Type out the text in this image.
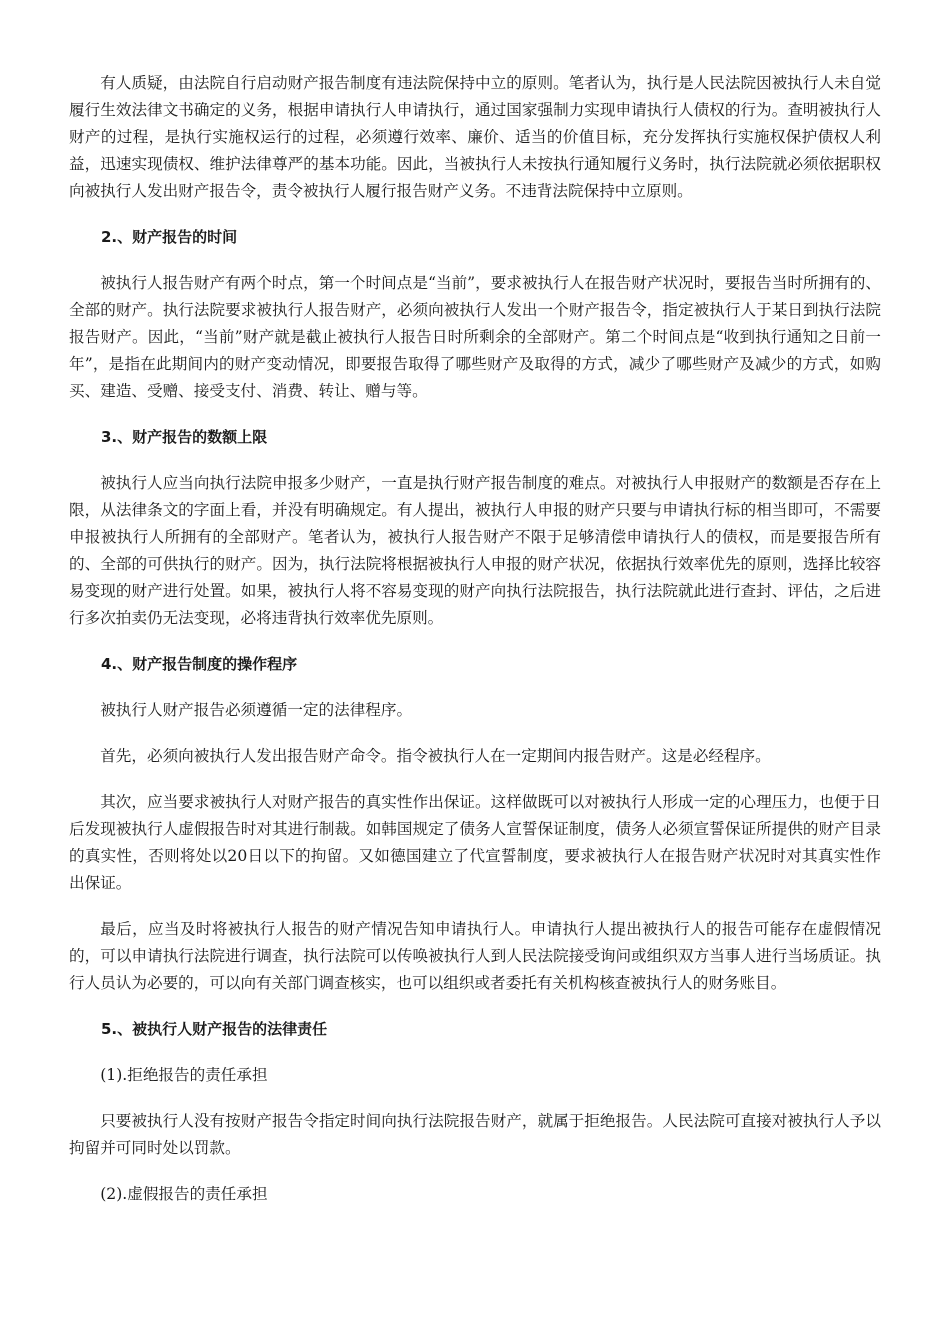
有人质疑，由法院自行启动财产报告制度有违法院保持中立的原则。笔者认为，执行是人民法院因被执行人未自觉履行生效法律文书确定的义务，根据申请执行人申请执行，通过国家强制力实现申请执行人债权的行为。查明被执行人财产的过程，是执行实施权运行的过程，必须遵行效率、廉价、适当的价值目标，充分发挥执行实施权保护债权人利益，迅速实现债权、维护法律尊严的基本功能。因此，当被执行人未按执行通知履行义务时，执行法院就必须依据职权向被执行人发出财产报告令，责令被执行人履行报告财产义务。不违背法院保持中立原则。

2.、财产报告的时间

被执行人报告财产有两个时点，第一个时间点是“当前”，要求被执行人在报告财产状况时，要报告当时所拥有的、全部的财产。执行法院要求被执行人报告财产，必须向被执行人发出一个财产报告令，指定被执行人于某日到执行法院报告财产。因此，“当前”财产就是截止被执行人报告日时所剩余的全部财产。第二个时间点是“收到执行通知之日前一年”，是指在此期间内的财产变动情况，即要报告取得了哪些财产及取得的方式，减少了哪些财产及减少的方式，如购买、建造、受赠、接受支付、消费、转让、赠与等。

3.、财产报告的数额上限

被执行人应当向执行法院申报多少财产，一直是执行财产报告制度的难点。对被执行人申报财产的数额是否存在上限，从法律条文的字面上看，并没有明确规定。有人提出，被执行人申报的财产只要与申请执行标的相当即可，不需要申报被执行人所拥有的全部财产。笔者认为，被执行人报告财产不限于足够清偿申请执行人的债权，而是要报告所有的、全部的可供执行的财产。因为，执行法院将根据被执行人申报的财产状况，依据执行效率优先的原则，选择比较容易变现的财产进行处置。如果，被执行人将不容易变现的财产向执行法院报告，执行法院就此进行查封、评估，之后进行多次拍卖仍无法变现，必将违背执行效率优先原则。

4.、财产报告制度的操作程序

被执行人财产报告必须遵循一定的法律程序。

首先，必须向被执行人发出报告财产命令。指令被执行人在一定期间内报告财产。这是必经程序。

其次，应当要求被执行人对财产报告的真实性作出保证。这样做既可以对被执行人形成一定的心理压力，也便于日后发现被执行人虚假报告时对其进行制裁。如韩国规定了债务人宣誓保证制度，债务人必须宣誓保证所提供的财产目录的真实性，否则将处以20日以下的拘留。又如德国建立了代宣誓制度，要求被执行人在报告财产状况时对其真实性作出保证。

最后，应当及时将被执行人报告的财产情况告知申请执行人。申请执行人提出被执行人的报告可能存在虚假情况的，可以申请执行法院进行调查，执行法院可以传唤被执行人到人民法院接受询问或组织双方当事人进行当场质证。执行人员认为必要的，可以向有关部门调查核实，也可以组织或者委托有关机构核查被执行人的财务账目。

5.、被执行人财产报告的法律责任

(1).拒绝报告的责任承担

只要被执行人没有按财产报告令指定时间向执行法院报告财产，就属于拒绝报告。人民法院可直接对被执行人予以拘留并可同时处以罚款。

(2).虚假报告的责任承担
